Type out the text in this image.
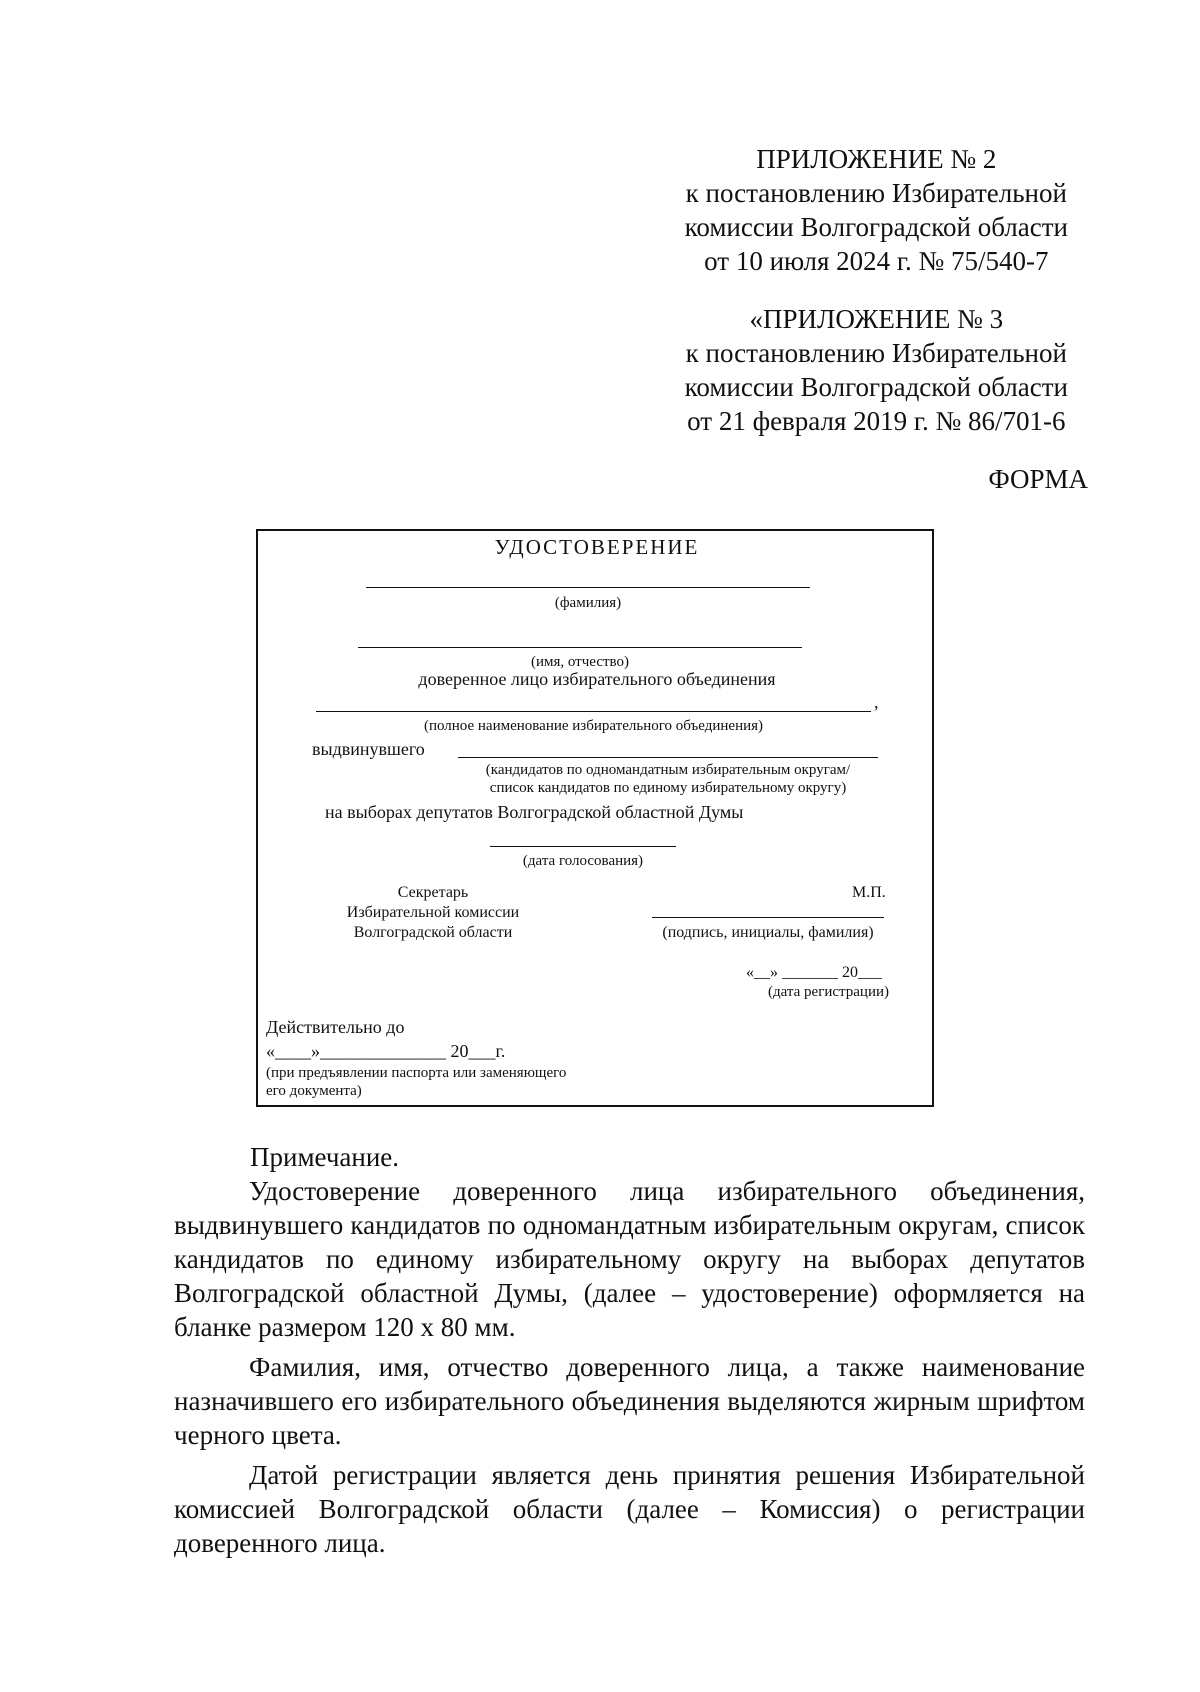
ПРИЛОЖЕНИЕ № 2
к постановлению Избирательной
комиссии Волгоградской области
от 10 июля 2024 г. № 75/540-7
«ПРИЛОЖЕНИЕ № 3
к постановлению Избирательной
комиссии Волгоградской области
от 21 февраля 2019 г. № 86/701-6
ФОРМА
УДОСТОВЕРЕНИЕ
(фамилия)
(имя, отчество)
доверенное лицо избирательного объединения
,
(полное наименование избирательного объединения)
выдвинувшего
(кандидатов по одномандатным избирательным округам/
список кандидатов по единому избирательному округу)
на выборах депутатов Волгоградской областной Думы
(дата голосования)
Секретарь
Избирательной комиссии
Волгоградской области
М.П.
(подпись, инициалы, фамилия)
«__» _______ 20___
(дата регистрации)
Действительно до
«____»______________ 20___г.
(при предъявлении паспорта или заменяющего
его документа)

Примечание.

Удостоверение доверенного лица избирательного объединения, выдвинувшего кандидатов по одномандатным избирательным округам, список кандидатов по единому избирательному округу на выборах депутатов Волгоградской областной Думы, (далее – удостоверение) оформляется на бланке размером 120 х 80 мм.

Фамилия, имя, отчество доверенного лица, а также наименование назначившего его избирательного объединения выделяются жирным шрифтом черного цвета.

Датой регистрации является день принятия решения Избирательной комиссией Волгоградской области (далее – Комиссия) о регистрации доверенного лица.
